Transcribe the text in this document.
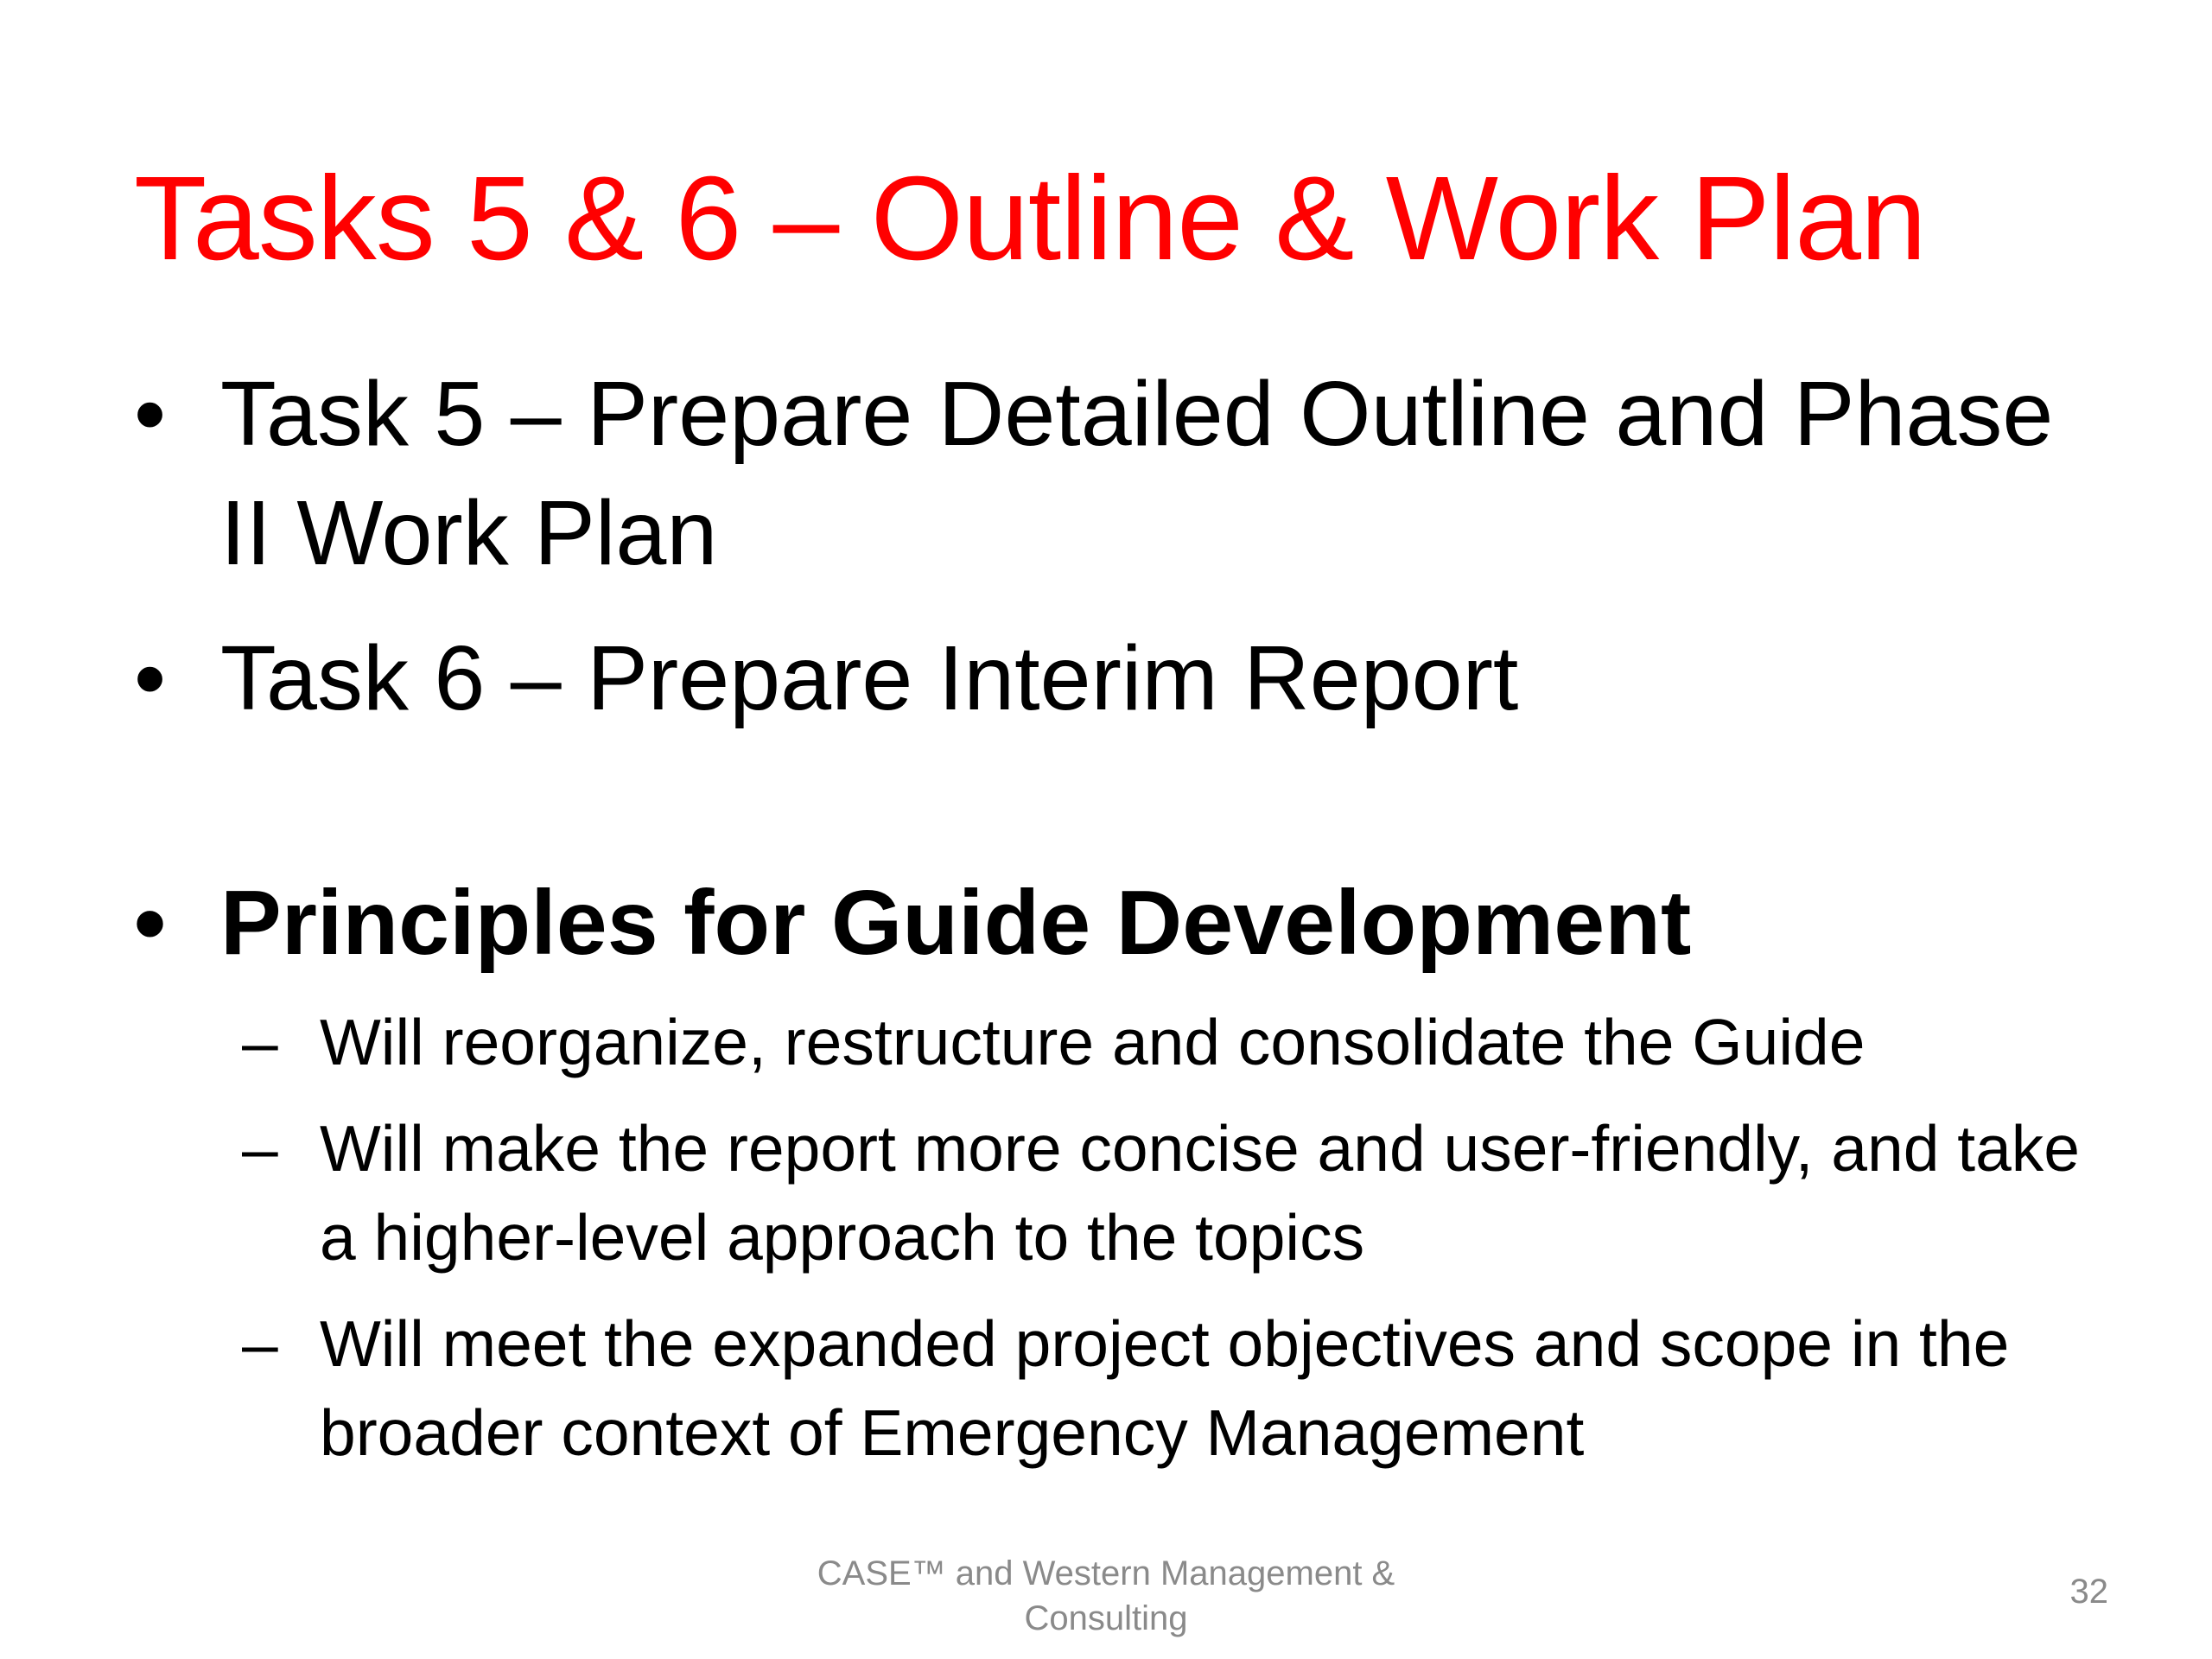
Tasks 5 & 6 – Outline & Work Plan
• Task 5 – Prepare Detailed Outline and Phase II Work Plan
• Task 6 – Prepare Interim Report
• Principles for Guide Development
– Will reorganize, restructure and consolidate the Guide
– Will make the report more concise and user-friendly, and take a higher-level approach to the topics
– Will meet the expanded project objectives and scope in the broader context of Emergency Management
CASE™ and Western Management & Consulting
32
